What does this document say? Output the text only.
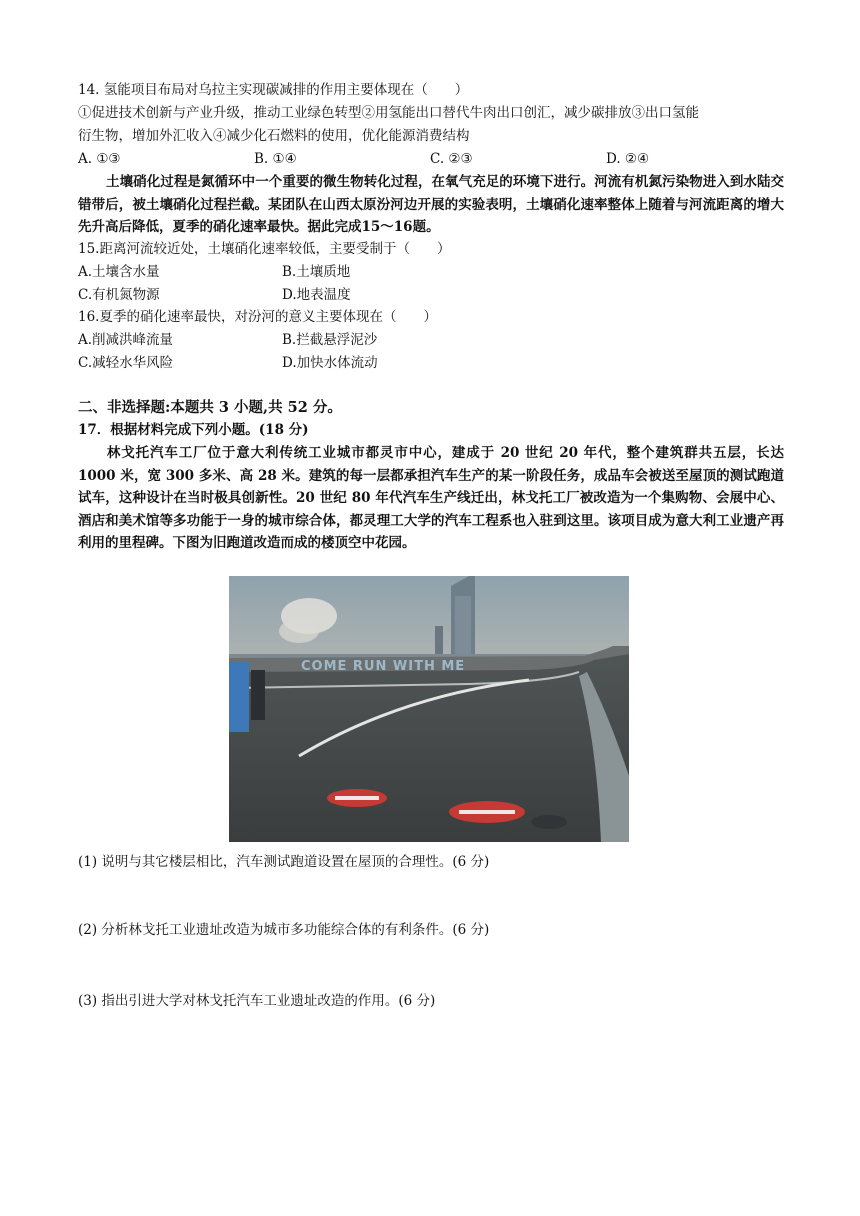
14. 氢能项目布局对乌拉主实现碳减排的作用主要体现在（　　）
①促进技术创新与产业升级，推动工业绿色转型②用氢能出口替代牛肉出口创汇，减少碳排放③出口氢能
衍生物，增加外汇收入④减少化石燃料的使用，优化能源消费结构
A. ①③	B. ①④	C. ②③	D. ②④
土壤硝化过程是氮循环中一个重要的微生物转化过程，在氧气充足的环境下进行。河流有机氮污染物进入到水陆交错带后，被土壤硝化过程拦截。某团队在山西太原汾河边开展的实验表明，土壤硝化速率整体上随着与河流距离的增大先升高后降低，夏季的硝化速率最快。据此完成15～16题。
15.距离河流较近处，土壤硝化速率较低，主要受制于（　　）
A.土壤含水量	B.土壤质地
C.有机氮物源	D.地表温度
16.夏季的硝化速率最快，对汾河的意义主要体现在（　　）
A.削减洪峰流量	B.拦截悬浮泥沙
C.减轻水华风险	D.加快水体流动
二、非选择题:本题共 3 小题,共 52 分。
17．根据材料完成下列小题。(18 分)
林戈托汽车工厂位于意大利传统工业城市都灵市中心，建成于 20 世纪 20 年代，整个建筑群共五层，长达 1000 米，宽 300 多米、高 28 米。建筑的每一层都承担汽车生产的某一阶段任务，成品车会被送至屋顶的测试跑道试车，这种设计在当时极具创新性。20 世纪 80 年代汽车生产线迁出，林戈托工厂被改造为一个集购物、会展中心、酒店和美术馆等多功能于一身的城市综合体，都灵理工大学的汽车工程系也入驻到这里。该项目成为意大利工业遗产再利用的里程碑。下图为旧跑道改造而成的楼顶空中花园。
COME RUN WITH ME
(1) 说明与其它楼层相比，汽车测试跑道设置在屋顶的合理性。(6 分)
(2) 分析林戈托工业遗址改造为城市多功能综合体的有利条件。(6 分)
(3) 指出引进大学对林戈托汽车工业遗址改造的作用。(6 分)
